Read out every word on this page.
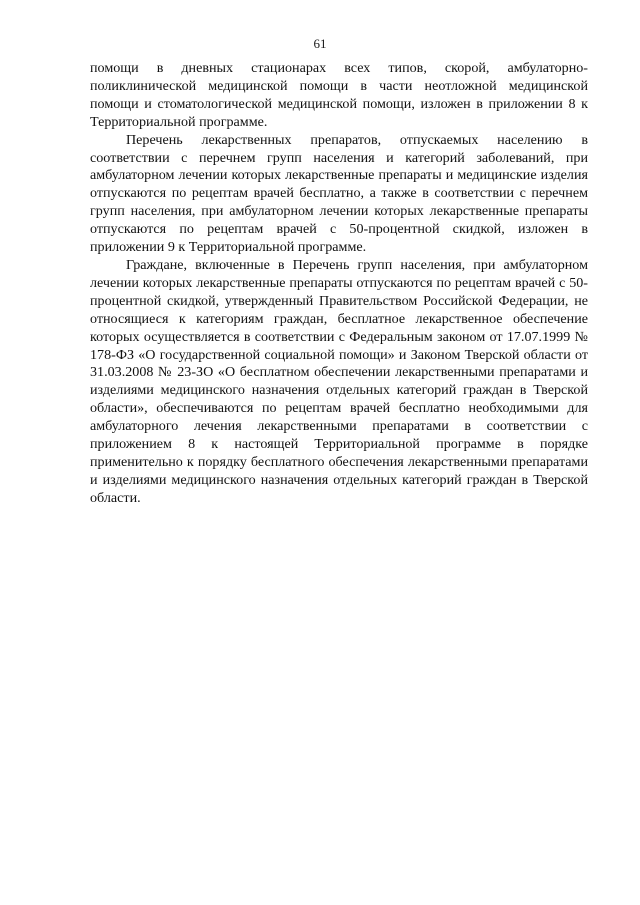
61

помощи в дневных стационарах всех типов, скорой, амбулаторно-поликлинической медицинской помощи в части неотложной медицинской помощи и стоматологической медицинской помощи, изложен в приложении 8 к Территориальной программе.

Перечень лекарственных препаратов, отпускаемых населению в соответствии с перечнем групп населения и категорий заболеваний, при амбулаторном лечении которых лекарственные препараты и медицинские изделия отпускаются по рецептам врачей бесплатно, а также в соответствии с перечнем групп населения, при амбулаторном лечении которых лекарственные препараты отпускаются по рецептам врачей с 50-процентной скидкой, изложен в приложении 9 к Территориальной программе.

Граждане, включенные в Перечень групп населения, при амбулаторном лечении которых лекарственные препараты отпускаются по рецептам врачей с 50-процентной скидкой, утвержденный Правительством Российской Федерации, не относящиеся к категориям граждан, бесплатное лекарственное обеспечение которых осуществляется в соответствии с Федеральным законом от 17.07.1999 № 178-ФЗ «О государственной социальной помощи» и Законом Тверской области от 31.03.2008 № 23-ЗО «О бесплатном обеспечении лекарственными препаратами и изделиями медицинского назначения отдельных категорий граждан в Тверской области», обеспечиваются по рецептам врачей бесплатно необходимыми для амбулаторного лечения лекарственными препаратами в соответствии с приложением 8 к настоящей Территориальной программе в порядке применительно к порядку бесплатного обеспечения лекарственными препаратами и изделиями медицинского назначения отдельных категорий граждан в Тверской области.
